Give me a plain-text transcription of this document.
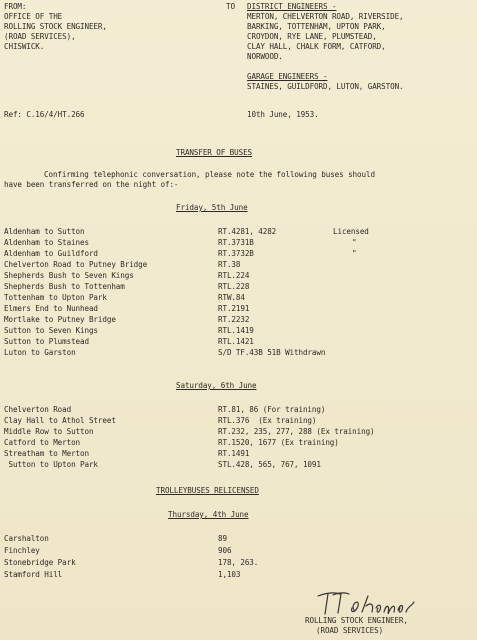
FROM:
OFFICE OF THE
ROLLING STOCK ENGINEER,
(ROAD SERVICES),
CHISWICK.
TO DISTRICT ENGINEERS -
MERTON, CHELVERTON ROAD, RIVERSIDE,
BARKING, TOTTENHAM, UPTON PARK,
CROYDON, RYE LANE, PLUMSTEAD,
CLAY HALL, CHALK FORM, CATFORD,
NORWOOD.
GARAGE ENGINEERS -
STAINES, GUILDFORD, LUTON, GARSTON.
Ref: C.16/4/HT.266	10th June, 1953.
TRANSFER OF BUSES
Confirming telephonic conversation, please note the following buses should
have been transferred on the night of:-
Friday, 5th June
Aldenham to Sutton	RT.4281, 4282	Licensed
Aldenham to Staines	RT.3731B	"
Aldenham to Guildford	RT.3732B	"
Chelverton Road to Putney Bridge	RT.38
Shepherds Bush to Seven Kings	RTL.224
Shepherds Bush to Tottenham	RTL.228
Tottenham to Upton Park	RTW.84
Elmers End to Nunhead	RT.2191
Mortlake to Putney Bridge	RT.2232
Sutton to Seven Kings	RTL.1419
Sutton to Plumstead	RTL.1421
Luton to Garston	S/D TF.43B 51B Withdrawn
Saturday, 6th June
Chelverton Road	RT.81, 86 (For training)
Clay Hall to Athol Street	RTL.376  (Ex training)
Middle Row to Sutton	RT.232, 235, 277, 288 (Ex training)
Catford to Merton	RT.1520, 1677 (Ex training)
Streatham to Merton	RT.1491
Sutton to Upton Park	STL.428, 565, 767, 1091
TROLLEYBUSES RELICENSED
Thursday, 4th June
Carshalton	89
Finchley	906
Stonebridge Park	178, 263.
Stamford Hill	1,103
ROLLING STOCK ENGINEER,
(ROAD SERVICES)
